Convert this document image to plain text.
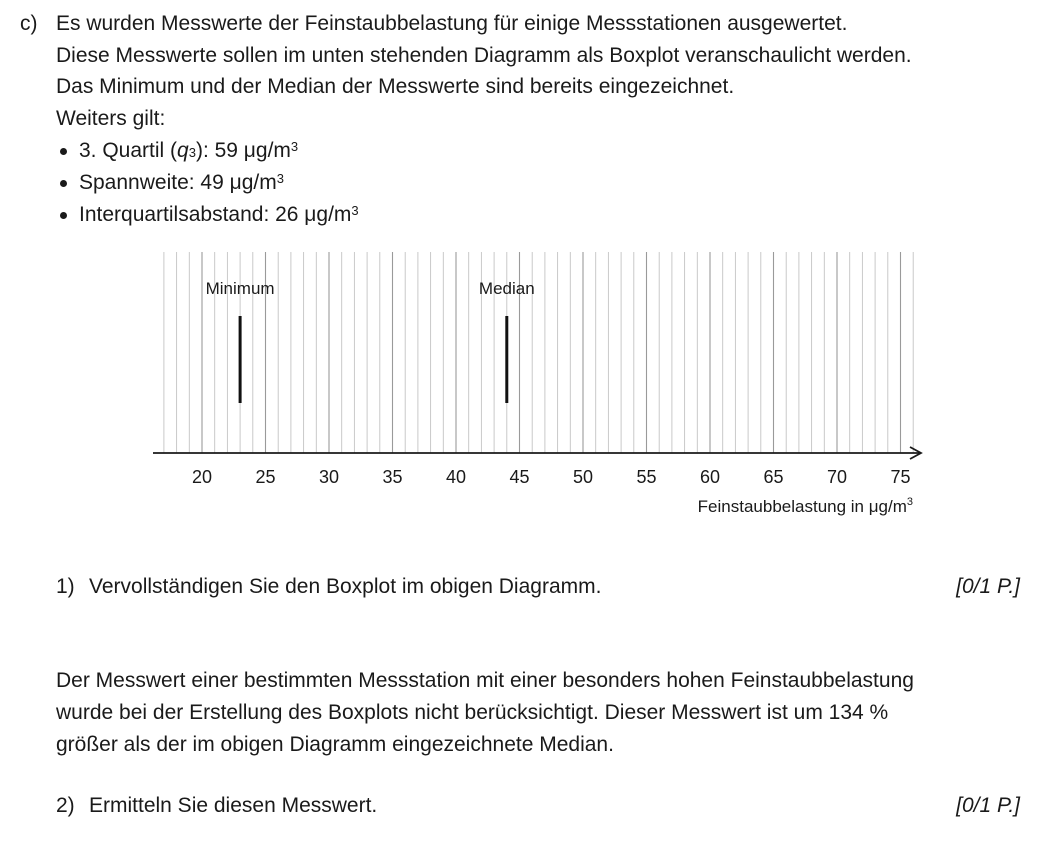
c) Es wurden Messwerte der Feinstaubbelastung für einige Messstationen ausgewertet.
Diese Messwerte sollen im unten stehenden Diagramm als Boxplot veranschaulicht werden.
Das Minimum und der Median der Messwerte sind bereits eingezeichnet.
Weiters gilt:
3. Quartil $(q_3)$: 59 $\mu g/m^3$
Spannweite: 49 $\mu g/m^3$
Interquartilsabstand: 26 $\mu g/m^3$
20 25 30 35 40 45 50 55 60 65 70 75
Minimum	Median
Feinstaubbelastung in $\mu g/m^3$
1) Vervollständigen Sie den Boxplot im obigen Diagramm.	[0/1 P.]
Der Messwert einer bestimmten Messstation mit einer besonders hohen Feinstaubbelastung
wurde bei der Erstellung des Boxplots nicht berücksichtigt. Dieser Messwert ist um 134 %
größer als der im obigen Diagramm eingezeichnete Median.
2) Ermitteln Sie diesen Messwert.	[0/1 P.]
